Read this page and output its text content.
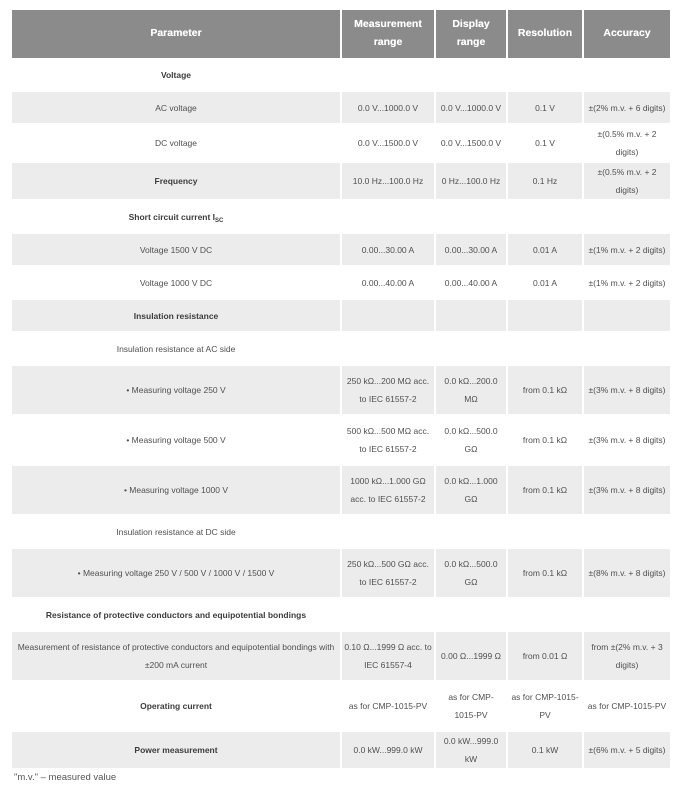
Parameter	Measurement range	Display range	Resolution	Accuracy
Voltage				
AC voltage	0.0 V...1000.0 V	0.0 V...1000.0 V	0.1 V	±(2% m.v. + 6 digits)
DC voltage	0.0 V...1500.0 V	0.0 V...1500.0 V	0.1 V	±(0.5% m.v. + 2 digits)
Frequency	10.0 Hz...100.0 Hz	0 Hz...100.0 Hz	0.1 Hz	±(0.5% m.v. + 2 digits)
Short circuit current $I_{SC}$				
Voltage 1500 V DC	0.00...30.00 A	0.00...30.00 A	0.01 A	±(1% m.v. + 2 digits)
Voltage 1000 V DC	0.00...40.00 A	0.00...40.00 A	0.01 A	±(1% m.v. + 2 digits)
Insulation resistance				
Insulation resistance at AC side				
• Measuring voltage 250 V	250 kΩ...200 MΩ acc. to IEC 61557-2	0.0 kΩ...200.0 MΩ	from 0.1 kΩ	±(3% m.v. + 8 digits)
• Measuring voltage 500 V	500 kΩ...500 MΩ acc. to IEC 61557-2	0.0 kΩ...500.0 GΩ	from 0.1 kΩ	±(3% m.v. + 8 digits)
• Measuring voltage 1000 V	1000 kΩ...1.000 GΩ acc. to IEC 61557-2	0.0 kΩ...1.000 GΩ	from 0.1 kΩ	±(3% m.v. + 8 digits)
Insulation resistance at DC side				
• Measuring voltage 250 V / 500 V / 1000 V / 1500 V	250 kΩ...500 GΩ acc. to IEC 61557-2	0.0 kΩ...500.0 GΩ	from 0.1 kΩ	±(8% m.v. + 8 digits)
Resistance of protective conductors and equipotential bondings				
Measurement of resistance of protective conductors and equipotential bondings with ±200 mA current	0.10 Ω...1999 Ω acc. to IEC 61557-4	0.00 Ω...1999 Ω	from 0.01 Ω	from ±(2% m.v. + 3 digits)
Operating current	as for CMP-1015-PV	as for CMP-1015-PV	as for CMP-1015-PV	as for CMP-1015-PV
Power measurement	0.0 kW...999.0 kW	0.0 kW...999.0 kW	0.1 kW	±(6% m.v. + 5 digits)
"m.v." – measured value
